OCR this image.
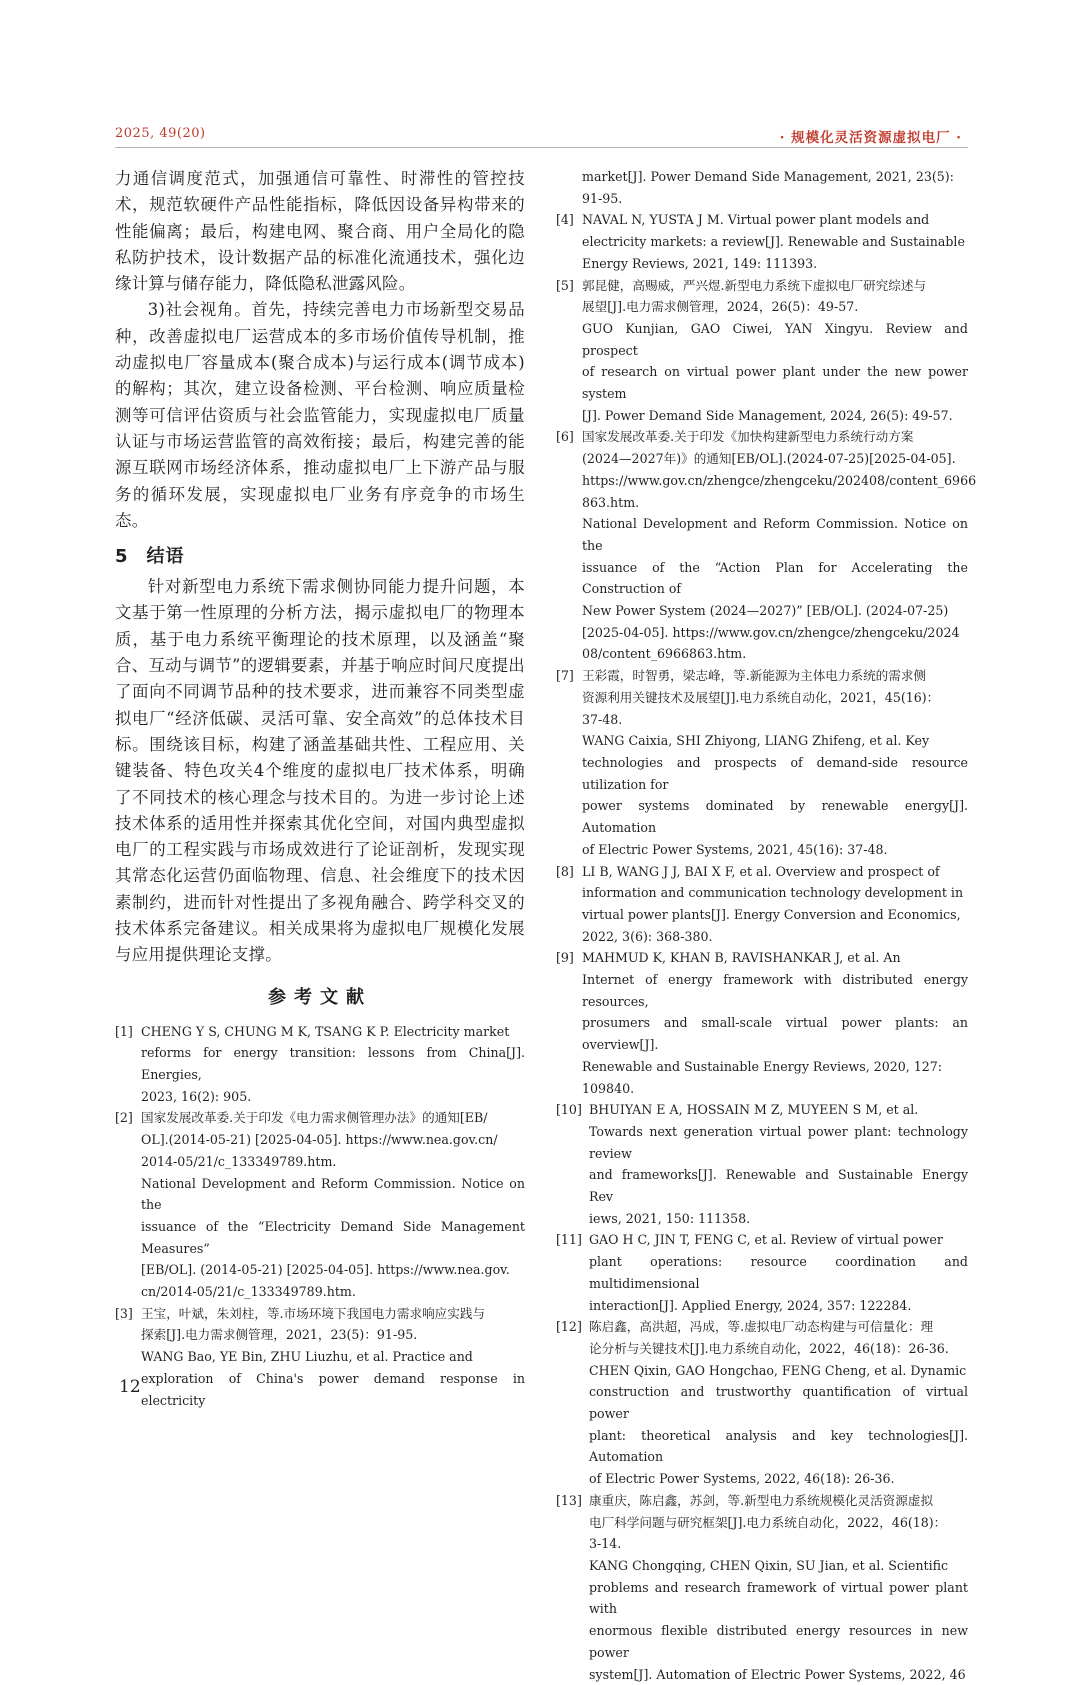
2025, 49(20)	· 规模化灵活资源虚拟电厂 ·

力通信调度范式，加强通信可靠性、时滞性的管控技术，规范软硬件产品性能指标，降低因设备异构带来的性能偏离；最后，构建电网、聚合商、用户全局化的隐私防护技术，设计数据产品的标准化流通技术，强化边缘计算与储存能力，降低隐私泄露风险。

3)社会视角。首先，持续完善电力市场新型交易品种，改善虚拟电厂运营成本的多市场价值传导机制，推动虚拟电厂容量成本(聚合成本)与运行成本(调节成本)的解构；其次，建立设备检测、平台检测、响应质量检测等可信评估资质与社会监管能力，实现虚拟电厂质量认证与市场运营监管的高效衔接；最后，构建完善的能源互联网市场经济体系，推动虚拟电厂上下游产品与服务的循环发展，实现虚拟电厂业务有序竞争的市场生态。

5 结语

针对新型电力系统下需求侧协同能力提升问题，本文基于第一性原理的分析方法，揭示虚拟电厂的物理本质，基于电力系统平衡理论的技术原理，以及涵盖“聚合、互动与调节”的逻辑要素，并基于响应时间尺度提出了面向不同调节品种的技术要求，进而兼容不同类型虚拟电厂“经济低碳、灵活可靠、安全高效”的总体技术目标。围绕该目标，构建了涵盖基础共性、工程应用、关键装备、特色攻关4个维度的虚拟电厂技术体系，明确了不同技术的核心理念与技术目的。为进一步讨论上述技术体系的适用性并探索其优化空间，对国内典型虚拟电厂的工程实践与市场成效进行了论证剖析，发现实现其常态化运营仍面临物理、信息、社会维度下的技术因素制约，进而针对性提出了多视角融合、跨学科交叉的技术体系完备建议。相关成果将为虚拟电厂规模化发展与应用提供理论支撑。

参考文献
[1] CHENG Y S, CHUNG M K, TSANG K P. Electricity market
reforms for energy transition: lessons from China[J]. Energies,
2023, 16(2): 905.
[2] 国家发展改革委.关于印发《电力需求侧管理办法》的通知[EB/
OL].(2014-05-21) [2025-04-05]. https://www.nea.gov.cn/
2014-05/21/c_133349789.htm.
National Development and Reform Commission. Notice on the
issuance of the “Electricity Demand Side Management Measures”
[EB/OL]. (2014-05-21) [2025-04-05]. https://www.nea.gov.
cn/2014-05/21/c_133349789.htm.
[3] 王宝，叶斌，朱刘柱，等.市场环境下我国电力需求响应实践与
探索[J].电力需求侧管理，2021，23(5)：91-95.
WANG Bao, YE Bin, ZHU Liuzhu, et al. Practice and
exploration of China's power demand response in electricity
market[J]. Power Demand Side Management, 2021, 23(5):
91-95.
[4] NAVAL N, YUSTA J M. Virtual power plant models and
electricity markets: a review[J]. Renewable and Sustainable
Energy Reviews, 2021, 149: 111393.
[5] 郭昆健，高赐威，严兴煜.新型电力系统下虚拟电厂研究综述与
展望[J].电力需求侧管理，2024，26(5)：49-57.
GUO Kunjian, GAO Ciwei, YAN Xingyu. Review and prospect
of research on virtual power plant under the new power system
[J]. Power Demand Side Management, 2024, 26(5): 49-57.
[6] 国家发展改革委.关于印发《加快构建新型电力系统行动方案
(2024—2027年)》的通知[EB/OL].(2024-07-25)[2025-04-05].
https://www.gov.cn/zhengce/zhengceku/202408/content_6966
863.htm.
National Development and Reform Commission. Notice on the
issuance of the “Action Plan for Accelerating the Construction of
New Power System (2024—2027)” [EB/OL]. (2024-07-25)
[2025-04-05]. https://www.gov.cn/zhengce/zhengceku/2024
08/content_6966863.htm.
[7] 王彩霞，时智勇，梁志峰，等.新能源为主体电力系统的需求侧
资源利用关键技术及展望[J].电力系统自动化，2021，45(16)：
37-48.
WANG Caixia, SHI Zhiyong, LIANG Zhifeng, et al. Key
technologies and prospects of demand-side resource utilization for
power systems dominated by renewable energy[J]. Automation
of Electric Power Systems, 2021, 45(16): 37-48.
[8] LI B, WANG J J, BAI X F, et al. Overview and prospect of
information and communication technology development in
virtual power plants[J]. Energy Conversion and Economics,
2022, 3(6): 368-380.
[9] MAHMUD K, KHAN B, RAVISHANKAR J, et al. An
Internet of energy framework with distributed energy resources,
prosumers and small-scale virtual power plants: an overview[J].
Renewable and Sustainable Energy Reviews, 2020, 127:
109840.
[10] BHUIYAN E A, HOSSAIN M Z, MUYEEN S M, et al.
Towards next generation virtual power plant: technology review
and frameworks[J]. Renewable and Sustainable Energy Rev
iews, 2021, 150: 111358.
[11] GAO H C, JIN T, FENG C, et al. Review of virtual power
plant operations: resource coordination and multidimensional
interaction[J]. Applied Energy, 2024, 357: 122284.
[12] 陈启鑫，高洪超，冯成，等.虚拟电厂动态构建与可信量化：理
论分析与关键技术[J].电力系统自动化，2022，46(18)：26-36.
CHEN Qixin, GAO Hongchao, FENG Cheng, et al. Dynamic
construction and trustworthy quantification of virtual power
plant: theoretical analysis and key technologies[J]. Automation
of Electric Power Systems, 2022, 46(18): 26-36.
[13] 康重庆，陈启鑫，苏剑，等.新型电力系统规模化灵活资源虚拟
电厂科学问题与研究框架[J].电力系统自动化，2022，46(18)：
3-14.
KANG Chongqing, CHEN Qixin, SU Jian, et al. Scientific
problems and research framework of virtual power plant with
enormous flexible distributed energy resources in new power
system[J]. Automation of Electric Power Systems, 2022, 46
12
